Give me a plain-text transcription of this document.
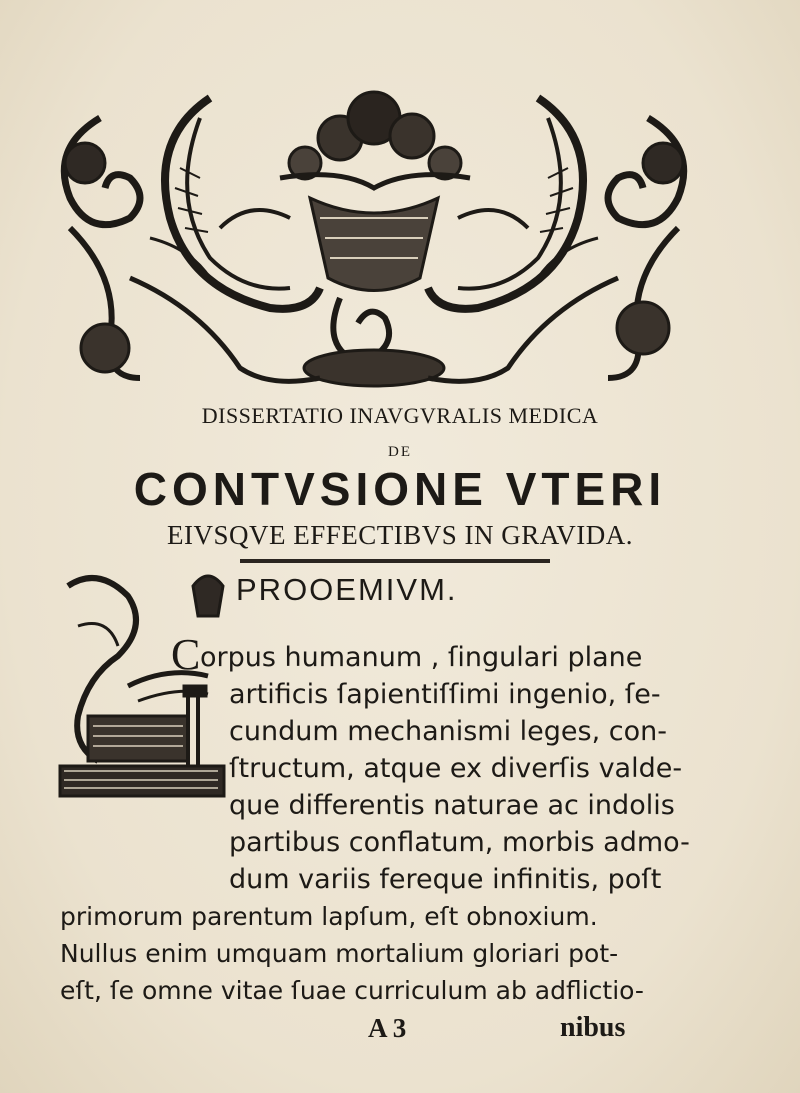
DISSERTATIO INAVGVRALIS MEDICA
DE
CONTVSIONE VTERI
EIVSQVE EFFECTIBVS IN GRAVIDA.
PROOEMIVM.
C orpus humanum , ſingulari plane
artificis ſapientiſſimi ingenio, ſe-
cundum mechanismi leges, con-
ſtructum, atque ex diverſis valde-
que differentis naturae ac indolis
partibus conflatum, morbis admo-
dum variis fereque infinitis, poſt
primorum parentum lapſum, eſt obnoxium.
Nullus enim umquam mortalium gloriari pot-
eſt, ſe omne vitae ſuae curriculum ab adflictio-
A 3	nibus
